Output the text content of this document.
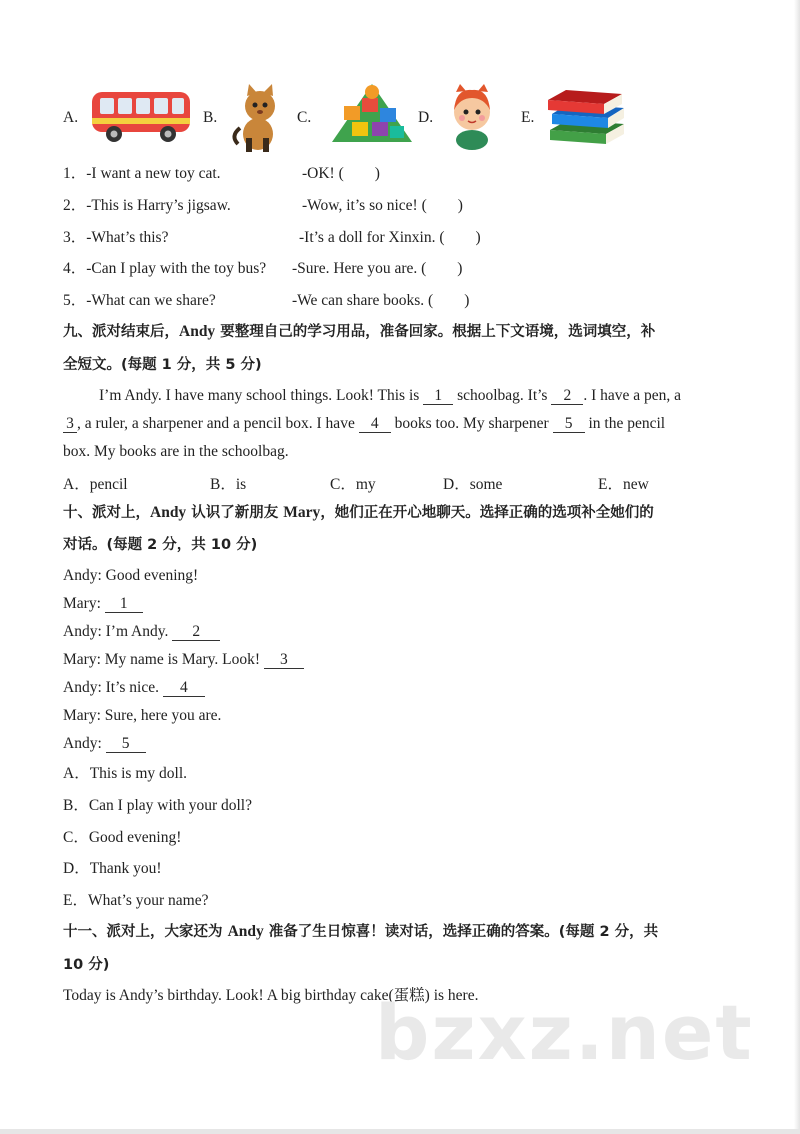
A.	B.	C.	D.	E.
1．-I want a new toy cat.	-OK! (　　)
2．-This is Harry’s jigsaw.	-Wow, it’s so nice! (　　)
3．-What’s this?	-It’s a doll for Xinxin. (　　)
4．-Can I play with the toy bus? -Sure. Here you are. (　　)
5．-What can we share?	-We can share books. (　　)
九、派对结束后，Andy 要整理自己的学习用品，准备回家。根据上下文语境，选词填空，补
全短文。(每题 1 分，共 5 分)
I’m Andy. I have many school things. Look! This is 1 schoolbag. It’s 2 . I have a pen, a
3 , a ruler, a sharpener and a pencil box. I have 4 books too. My sharpener 5 in the pencil
box. My books are in the schoolbag.
A．pencil	B．is	C．my	D．some	E．new
十、派对上，Andy 认识了新朋友 Mary，她们正在开心地聊天。选择正确的选项补全她们的
对话。(每题 2 分，共 10 分)
Andy: Good evening!
Mary: 1
Andy: I’m Andy. 2
Mary: My name is Mary. Look! 3
Andy: It’s nice. 4
Mary: Sure, here you are.
Andy: 5
A．This is my doll.
B．Can I play with your doll?
C．Good evening!
D．Thank you!
E．What’s your name?
十一、派对上，大家还为 Andy 准备了生日惊喜！读对话，选择正确的答案。(每题 2 分，共
10 分)
Today is Andy’s birthday. Look! A big birthday cake(蛋糕) is here.
bzxz.net
